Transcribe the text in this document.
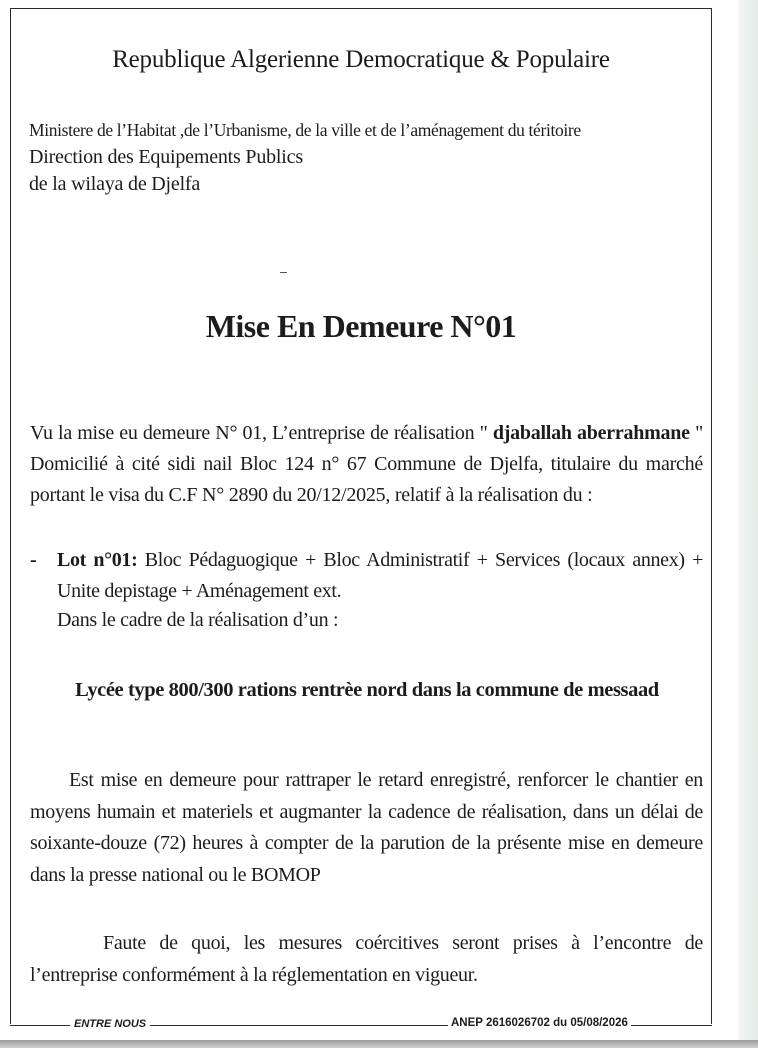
Republique Algerienne Democratique & Populaire
Ministere de l’Habitat ,de l’Urbanisme, de la ville et de l’aménagement du téritoire
Direction des Equipements Publics
de la wilaya de Djelfa
Mise En Demeure N°01
Vu la mise eu demeure N° 01, L’entreprise de réalisation " djaballah aberrahmane " Domicilié à cité sidi nail Bloc 124 n° 67 Commune de Djelfa, titulaire du marché portant le visa du C.F N° 2890 du 20/12/2025, relatif à la réalisation du :
- Lot n°01: Bloc Pédaguogique + Bloc Administratif + Services (locaux annex) + Unite depistage + Aménagement ext.
Dans le cadre de la réalisation d’un :
Lycée type 800/300 rations rentrèe nord dans la commune de messaad
Est mise en demeure pour rattraper le retard enregistré, renforcer le chantier en moyens humain et materiels et augmanter la cadence de réalisation, dans un délai de soixante-douze (72) heures à compter de la parution de la présente mise en demeure dans la presse national ou le BOMOP
Faute de quoi, les mesures coércitives seront prises à l’encontre de l’entreprise conformément à la réglementation en vigueur.
ENTRE NOUS	ANEP 2616026702 du 05/08/2026
